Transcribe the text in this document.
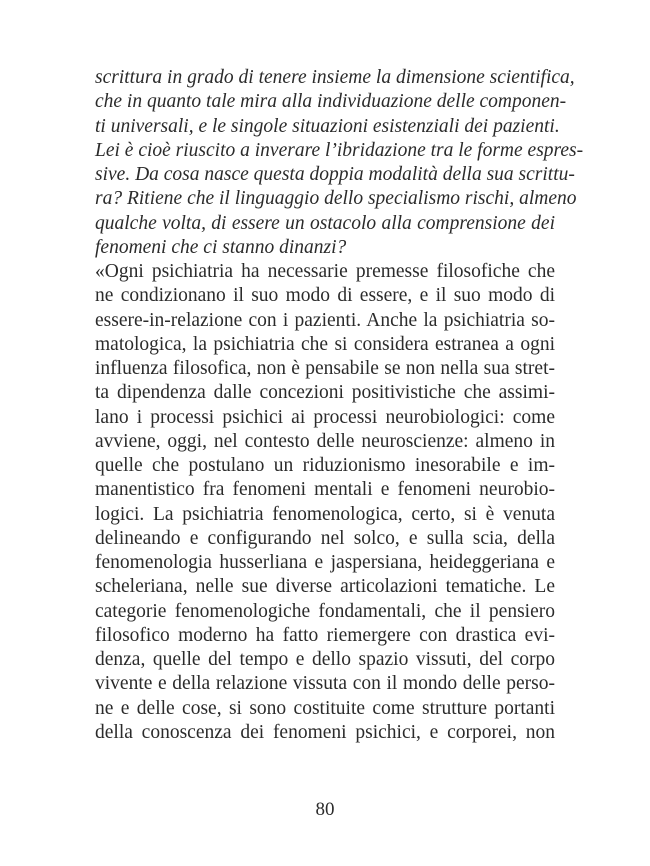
scrittura in grado di tenere insieme la dimensione scientifica,
che in quanto tale mira alla individuazione delle componen-
ti universali, e le singole situazioni esistenziali dei pazienti.
Lei è cioè riuscito a inverare l’ibridazione tra le forme espres-
sive. Da cosa nasce questa doppia modalità della sua scrittu-
ra? Ritiene che il linguaggio dello specialismo rischi, almeno
qualche volta, di essere un ostacolo alla comprensione dei
fenomeni che ci stanno dinanzi?
«Ogni psichiatria ha necessarie premesse filosofiche che
ne condizionano il suo modo di essere, e il suo modo di
essere-in-relazione con i pazienti. Anche la psichiatria so-
matologica, la psichiatria che si considera estranea a ogni
influenza filosofica, non è pensabile se non nella sua stret-
ta dipendenza dalle concezioni positivistiche che assimi-
lano i processi psichici ai processi neurobiologici: come
avviene, oggi, nel contesto delle neuroscienze: almeno in
quelle che postulano un riduzionismo inesorabile e im-
manentistico fra fenomeni mentali e fenomeni neurobio-
logici. La psichiatria fenomenologica, certo, si è venuta
delineando e configurando nel solco, e sulla scia, della
fenomenologia husserliana e jaspersiana, heideggeriana e
scheleriana, nelle sue diverse articolazioni tematiche. Le
categorie fenomenologiche fondamentali, che il pensiero
filosofico moderno ha fatto riemergere con drastica evi-
denza, quelle del tempo e dello spazio vissuti, del corpo
vivente e della relazione vissuta con il mondo delle perso-
ne e delle cose, si sono costituite come strutture portanti
della conoscenza dei fenomeni psichici, e corporei, non
80
